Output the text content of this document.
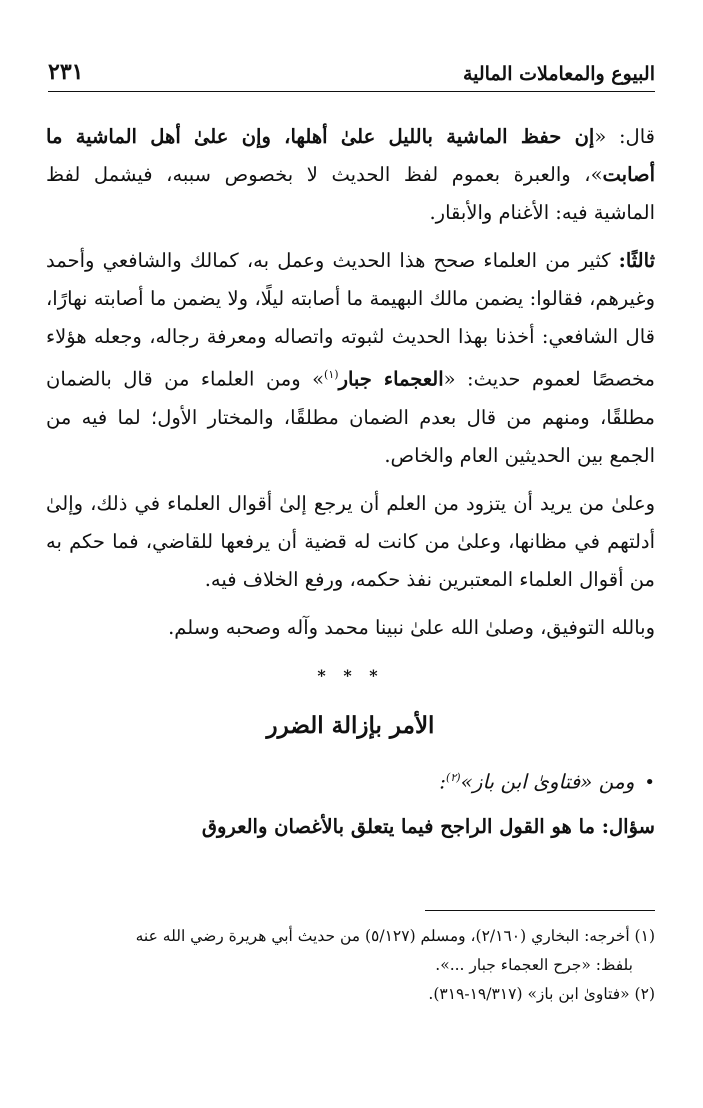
البيوع والمعاملات المالية
٢٣١

قال: «إن حفظ الماشية بالليل علىٰ أهلها، وإن علىٰ أهل الماشية ما أصابت»، والعبرة بعموم لفظ الحديث لا بخصوص سببه، فيشمل لفظ الماشية فيه: الأغنام والأبقار.

ثالثًا: كثير من العلماء صحح هذا الحديث وعمل به، كمالك والشافعي وأحمد وغيرهم، فقالوا: يضمن مالك البهيمة ما أصابته ليلًا، ولا يضمن ما أصابته نهارًا، قال الشافعي: أخذنا بهذا الحديث لثبوته واتصاله ومعرفة رجاله، وجعله هؤلاء مخصصًا لعموم حديث: «العجماء جبار$^{(١)}$» ومن العلماء من قال بالضمان مطلقًا، ومنهم من قال بعدم الضمان مطلقًا، والمختار الأول؛ لما فيه من الجمع بين الحديثين العام والخاص.

وعلىٰ من يريد أن يتزود من العلم أن يرجع إلىٰ أقوال العلماء في ذلك، وإلىٰ أدلتهم في مظانها، وعلىٰ من كانت له قضية أن يرفعها للقاضي، فما حكم به من أقوال العلماء المعتبرين نفذ حكمه، ورفع الخلاف فيه.

وبالله التوفيق، وصلىٰ الله علىٰ نبينا محمد وآله وصحبه وسلم.

* * *
الأمر بإزالة الضرر
•ومن «فتاوىٰ ابن باز»$^{(٢)}$:
سؤال: ما هو القول الراجح فيما يتعلق بالأغصان والعروق

(١) أخرجه: البخاري (٢/١٦٠)، ومسلم (٥/١٢٧) من حديث أبي هريرة رضي الله عنه

بلفظ: «جرح العجماء جبار ...».

(٢) «فتاوىٰ ابن باز» (١٩/٣١٧-٣١٩).
